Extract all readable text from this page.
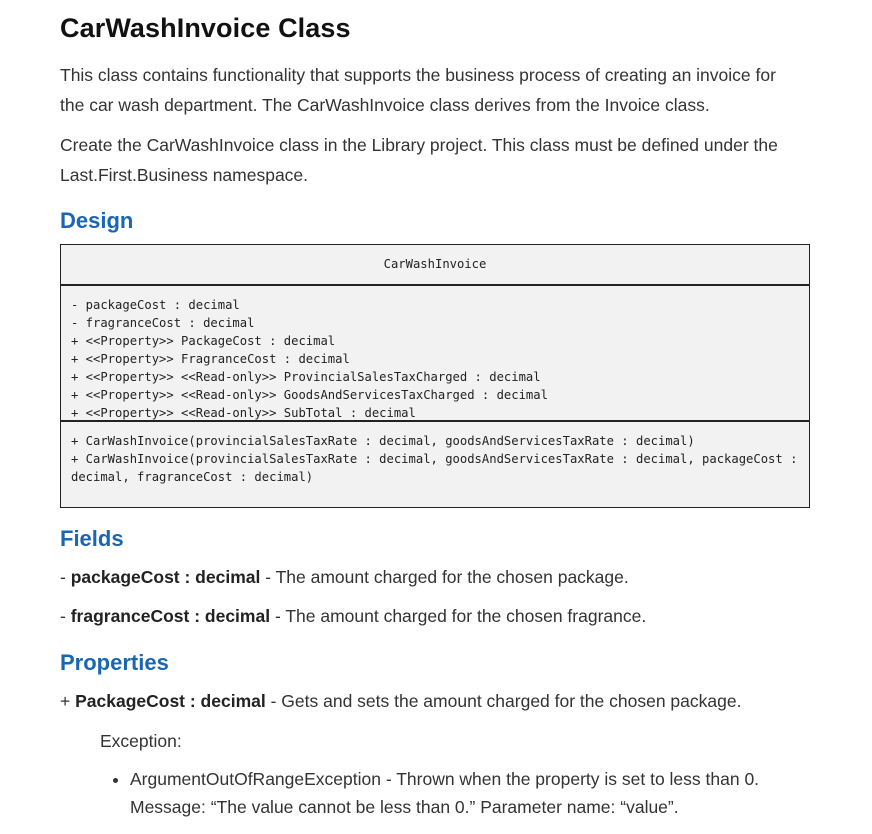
CarWashInvoice Class

This class contains functionality that supports the business process of creating an invoice for the car wash department. The CarWashInvoice class derives from the Invoice class.

Create the CarWashInvoice class in the Library project. This class must be defined under the Last.First.Business namespace.

Design
CarWashInvoice
- packageCost : decimal
- fragranceCost : decimal
+ <<Property>> PackageCost : decimal
+ <<Property>> FragranceCost : decimal
+ <<Property>> <<Read-only>> ProvincialSalesTaxCharged : decimal
+ <<Property>> <<Read-only>> GoodsAndServicesTaxCharged : decimal
+ <<Property>> <<Read-only>> SubTotal : decimal
+ CarWashInvoice(provincialSalesTaxRate : decimal, goodsAndServicesTaxRate : decimal)
+ CarWashInvoice(provincialSalesTaxRate : decimal, goodsAndServicesTaxRate : decimal, packageCost : decimal, fragranceCost : decimal)
Fields
- packageCost : decimal - The amount charged for the chosen package.
- fragranceCost : decimal - The amount charged for the chosen fragrance.
Properties
+ PackageCost : decimal - Gets and sets the amount charged for the chosen package.
Exception:
• ArgumentOutOfRangeException - Thrown when the property is set to less than 0. Message: “The value cannot be less than 0.” Parameter name: “value”.
